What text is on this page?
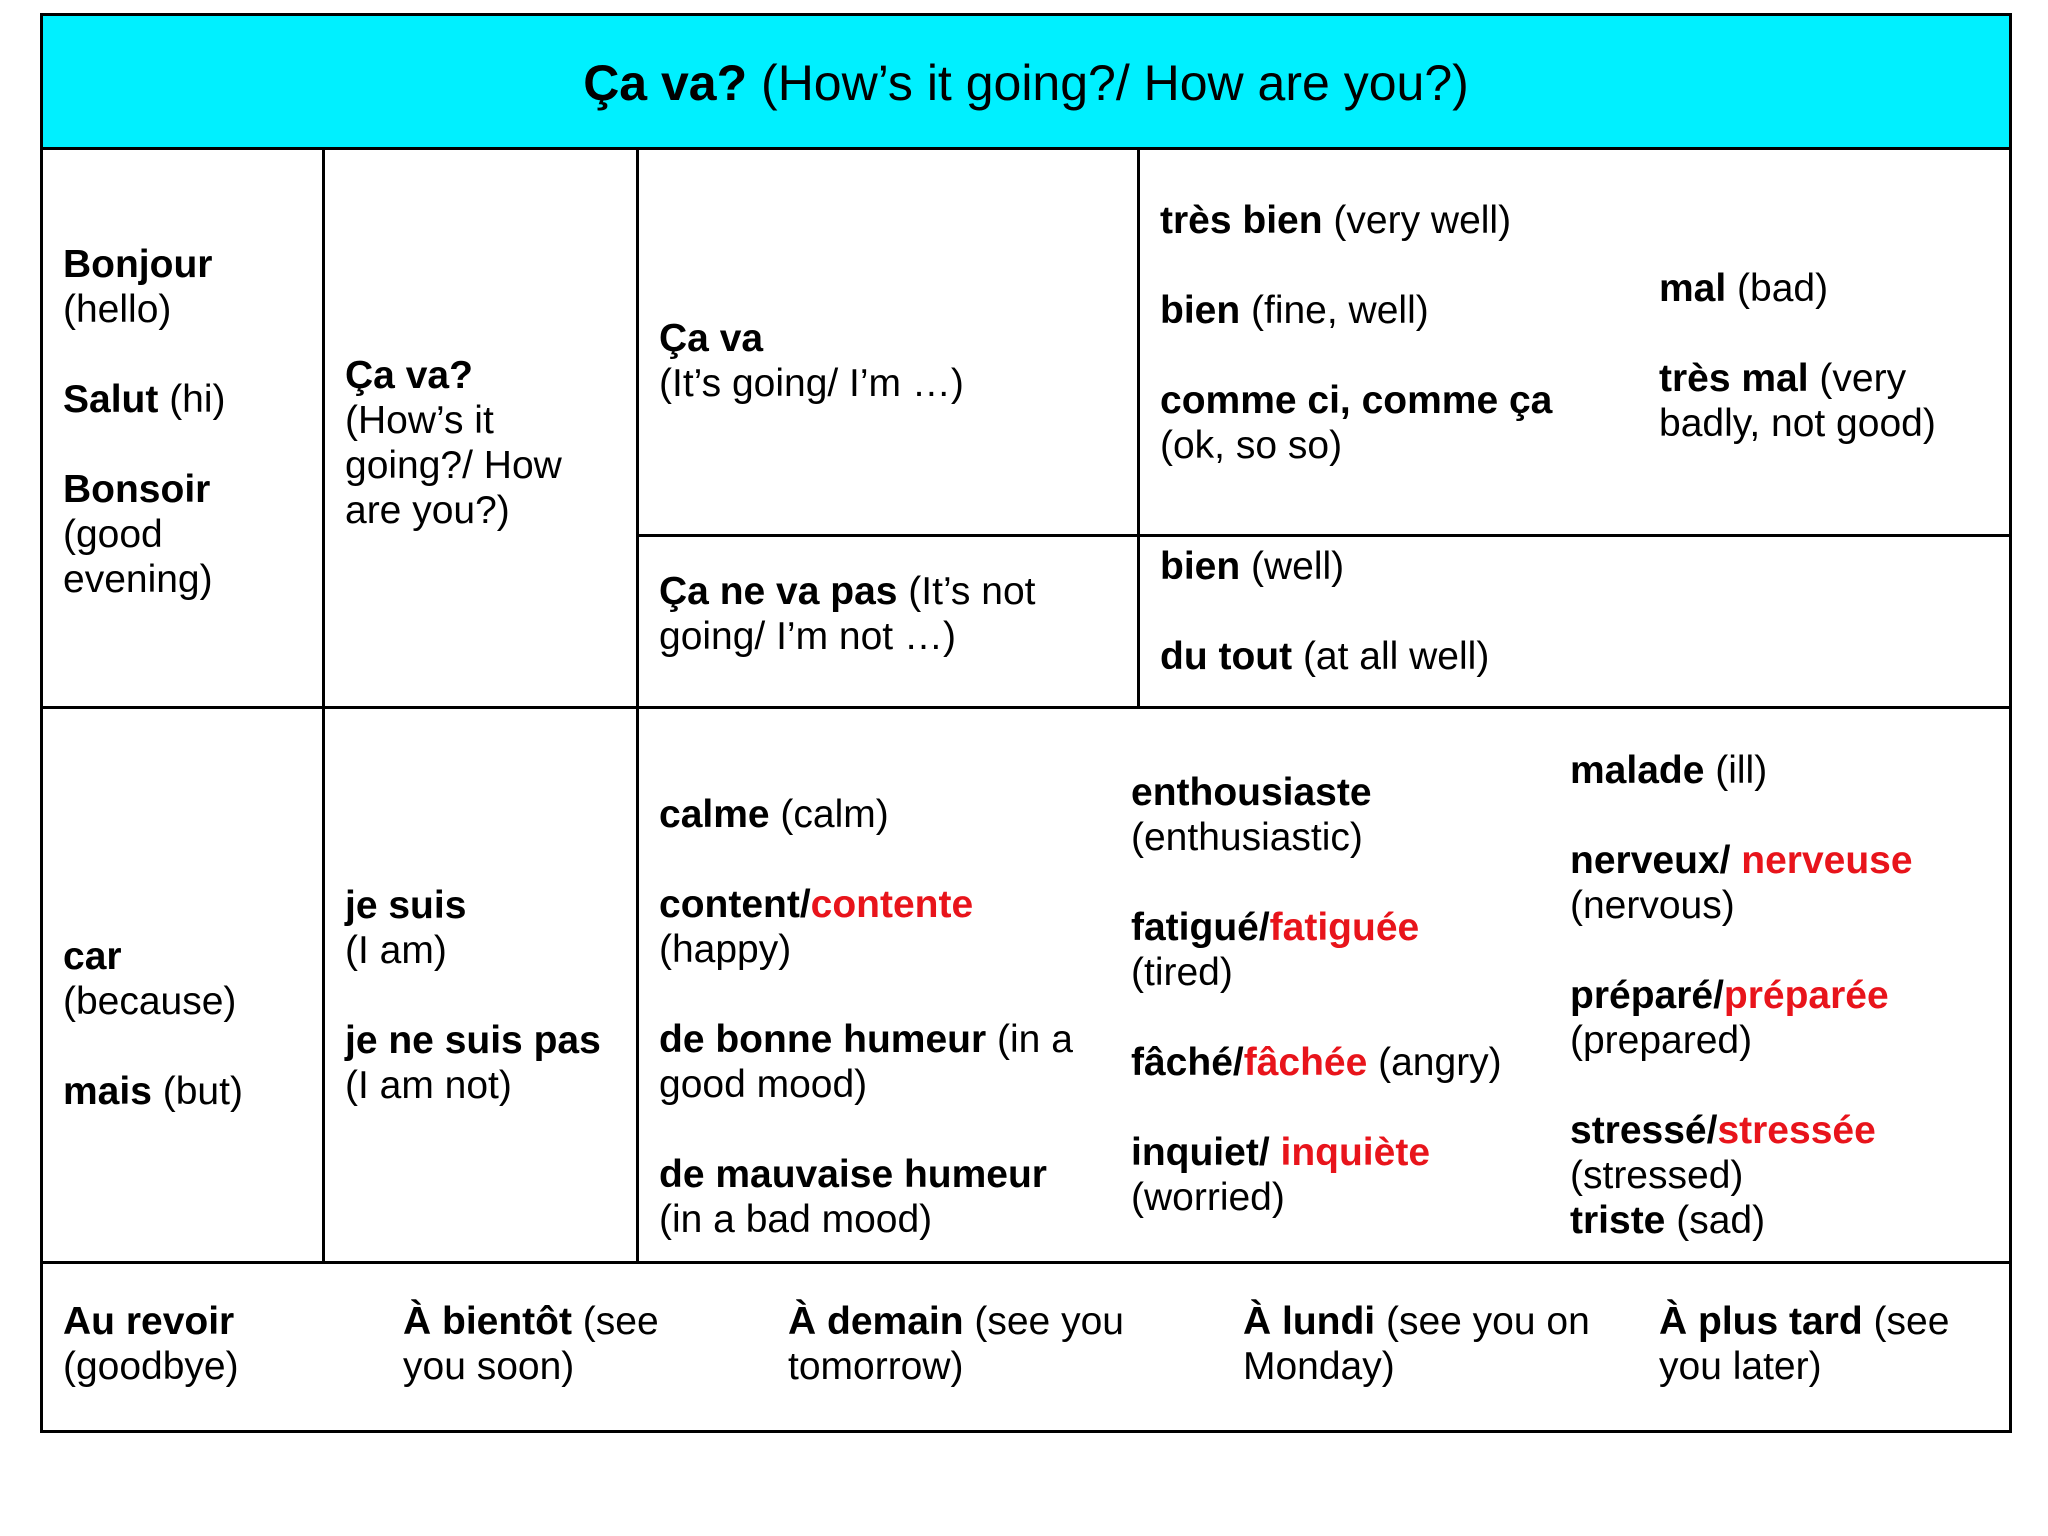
Ça va? (How’s it going?/ How are you?)
Bonjour
(hello)
Salut (hi)
Bonsoir
(good evening)
Ça va?
(How’s it going?/ How are you?)
Ça va
(It’s going/ I’m …)
Ça ne va pas (It’s not going/ I’m not …)
très bien (very well)
bien (fine, well)
comme ci, comme ça
(ok, so so)
mal (bad)
très mal (very badly, not good)
bien (well)
du tout (at all well)
car
(because)
mais (but)
je suis
(I am)
je ne suis pas
(I am not)
calme (calm)
content/contente
(happy)
de bonne humeur (in a good mood)
de mauvaise humeur
(in a bad mood)
enthousiaste
(enthusiastic)
fatigué/fatiguée
(tired)
fâché/fâchée (angry)
inquiet/ inquiète
(worried)
malade (ill)
nerveux/ nerveuse
(nervous)
préparé/préparée
(prepared)
stressé/stressée
(stressed)
triste (sad)
Au revoir
(goodbye)
À bientôt (see you soon)
À demain (see you tomorrow)
À lundi (see you on Monday)
À plus tard (see you later)
